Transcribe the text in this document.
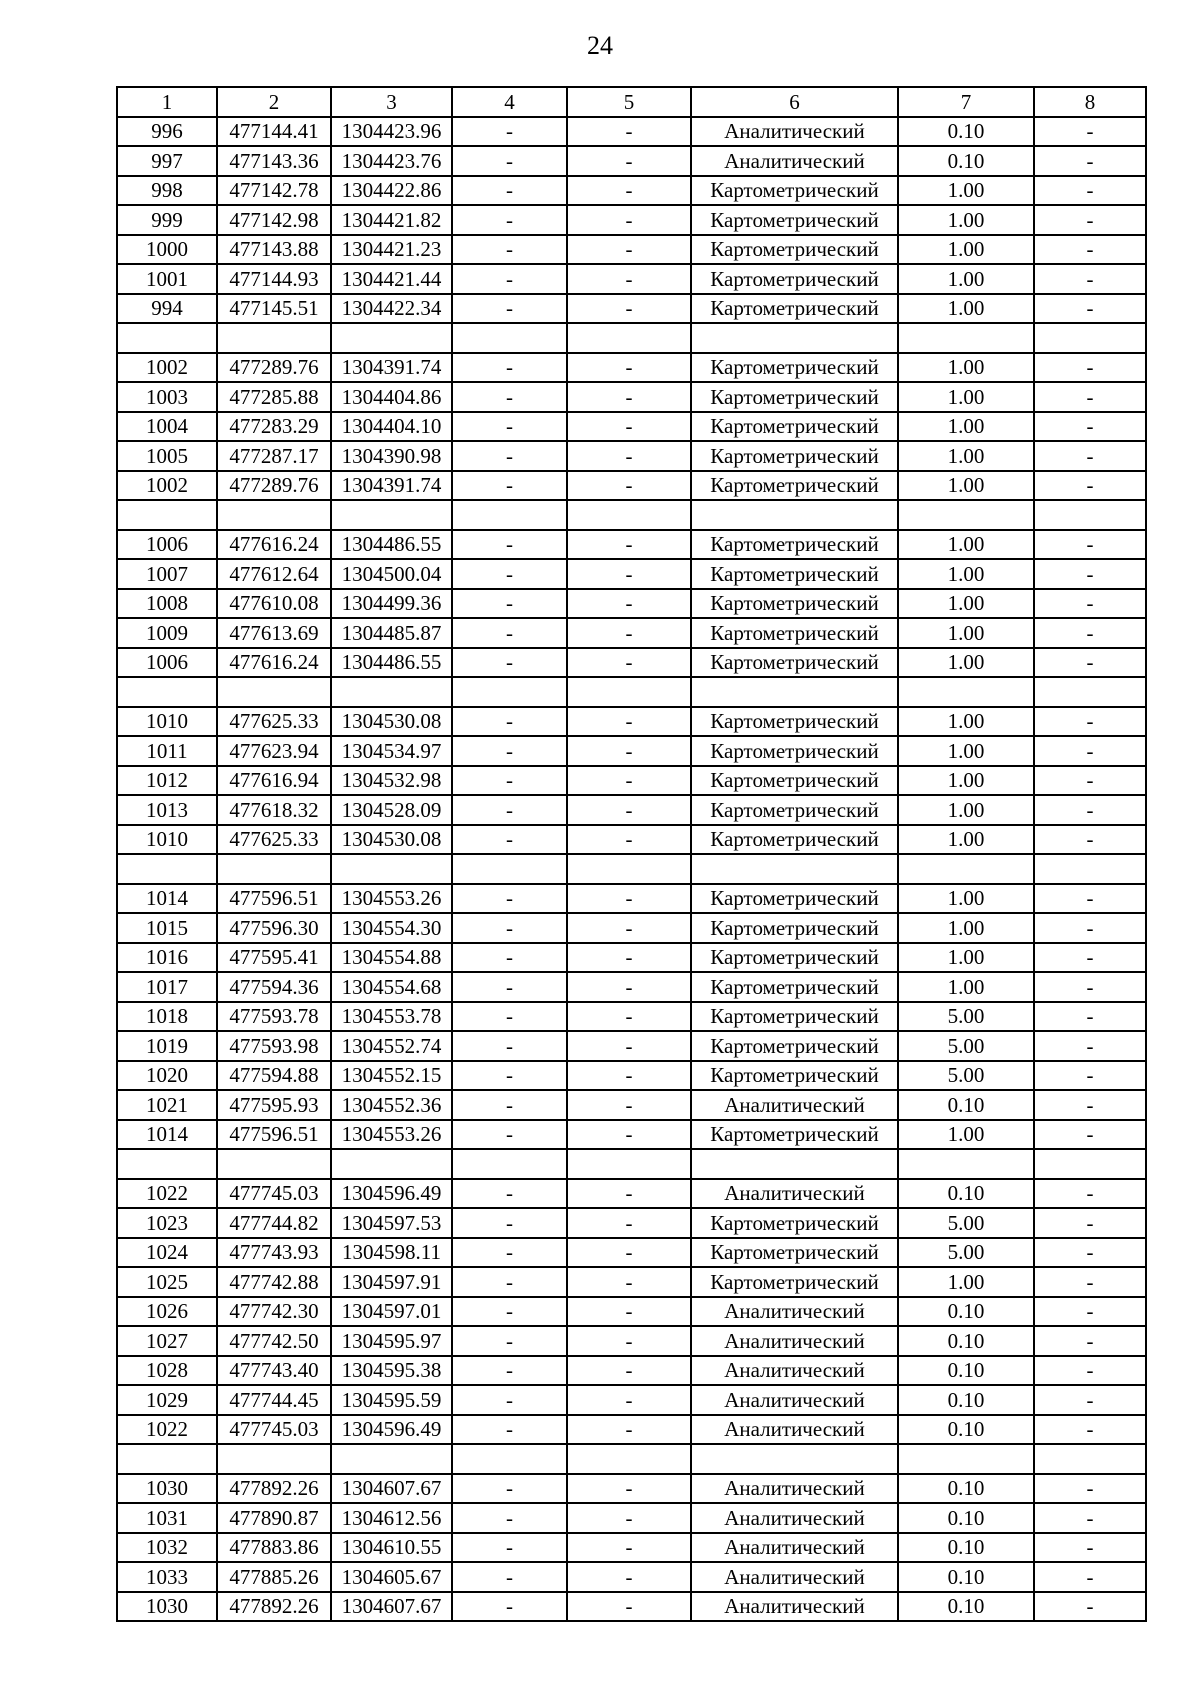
24
1	2	3	4	5	6	7	8
996	477144.41	1304423.96	-	-	Аналитический	0.10	-
997	477143.36	1304423.76	-	-	Аналитический	0.10	-
998	477142.78	1304422.86	-	-	Картометрический	1.00	-
999	477142.98	1304421.82	-	-	Картометрический	1.00	-
1000	477143.88	1304421.23	-	-	Картометрический	1.00	-
1001	477144.93	1304421.44	-	-	Картометрический	1.00	-
994	477145.51	1304422.34	-	-	Картометрический	1.00	-

1002	477289.76	1304391.74	-	-	Картометрический	1.00	-
1003	477285.88	1304404.86	-	-	Картометрический	1.00	-
1004	477283.29	1304404.10	-	-	Картометрический	1.00	-
1005	477287.17	1304390.98	-	-	Картометрический	1.00	-
1002	477289.76	1304391.74	-	-	Картометрический	1.00	-

1006	477616.24	1304486.55	-	-	Картометрический	1.00	-
1007	477612.64	1304500.04	-	-	Картометрический	1.00	-
1008	477610.08	1304499.36	-	-	Картометрический	1.00	-
1009	477613.69	1304485.87	-	-	Картометрический	1.00	-
1006	477616.24	1304486.55	-	-	Картометрический	1.00	-

1010	477625.33	1304530.08	-	-	Картометрический	1.00	-
1011	477623.94	1304534.97	-	-	Картометрический	1.00	-
1012	477616.94	1304532.98	-	-	Картометрический	1.00	-
1013	477618.32	1304528.09	-	-	Картометрический	1.00	-
1010	477625.33	1304530.08	-	-	Картометрический	1.00	-

1014	477596.51	1304553.26	-	-	Картометрический	1.00	-
1015	477596.30	1304554.30	-	-	Картометрический	1.00	-
1016	477595.41	1304554.88	-	-	Картометрический	1.00	-
1017	477594.36	1304554.68	-	-	Картометрический	1.00	-
1018	477593.78	1304553.78	-	-	Картометрический	5.00	-
1019	477593.98	1304552.74	-	-	Картометрический	5.00	-
1020	477594.88	1304552.15	-	-	Картометрический	5.00	-
1021	477595.93	1304552.36	-	-	Аналитический	0.10	-
1014	477596.51	1304553.26	-	-	Картометрический	1.00	-

1022	477745.03	1304596.49	-	-	Аналитический	0.10	-
1023	477744.82	1304597.53	-	-	Картометрический	5.00	-
1024	477743.93	1304598.11	-	-	Картометрический	5.00	-
1025	477742.88	1304597.91	-	-	Картометрический	1.00	-
1026	477742.30	1304597.01	-	-	Аналитический	0.10	-
1027	477742.50	1304595.97	-	-	Аналитический	0.10	-
1028	477743.40	1304595.38	-	-	Аналитический	0.10	-
1029	477744.45	1304595.59	-	-	Аналитический	0.10	-
1022	477745.03	1304596.49	-	-	Аналитический	0.10	-

1030	477892.26	1304607.67	-	-	Аналитический	0.10	-
1031	477890.87	1304612.56	-	-	Аналитический	0.10	-
1032	477883.86	1304610.55	-	-	Аналитический	0.10	-
1033	477885.26	1304605.67	-	-	Аналитический	0.10	-
1030	477892.26	1304607.67	-	-	Аналитический	0.10	-
